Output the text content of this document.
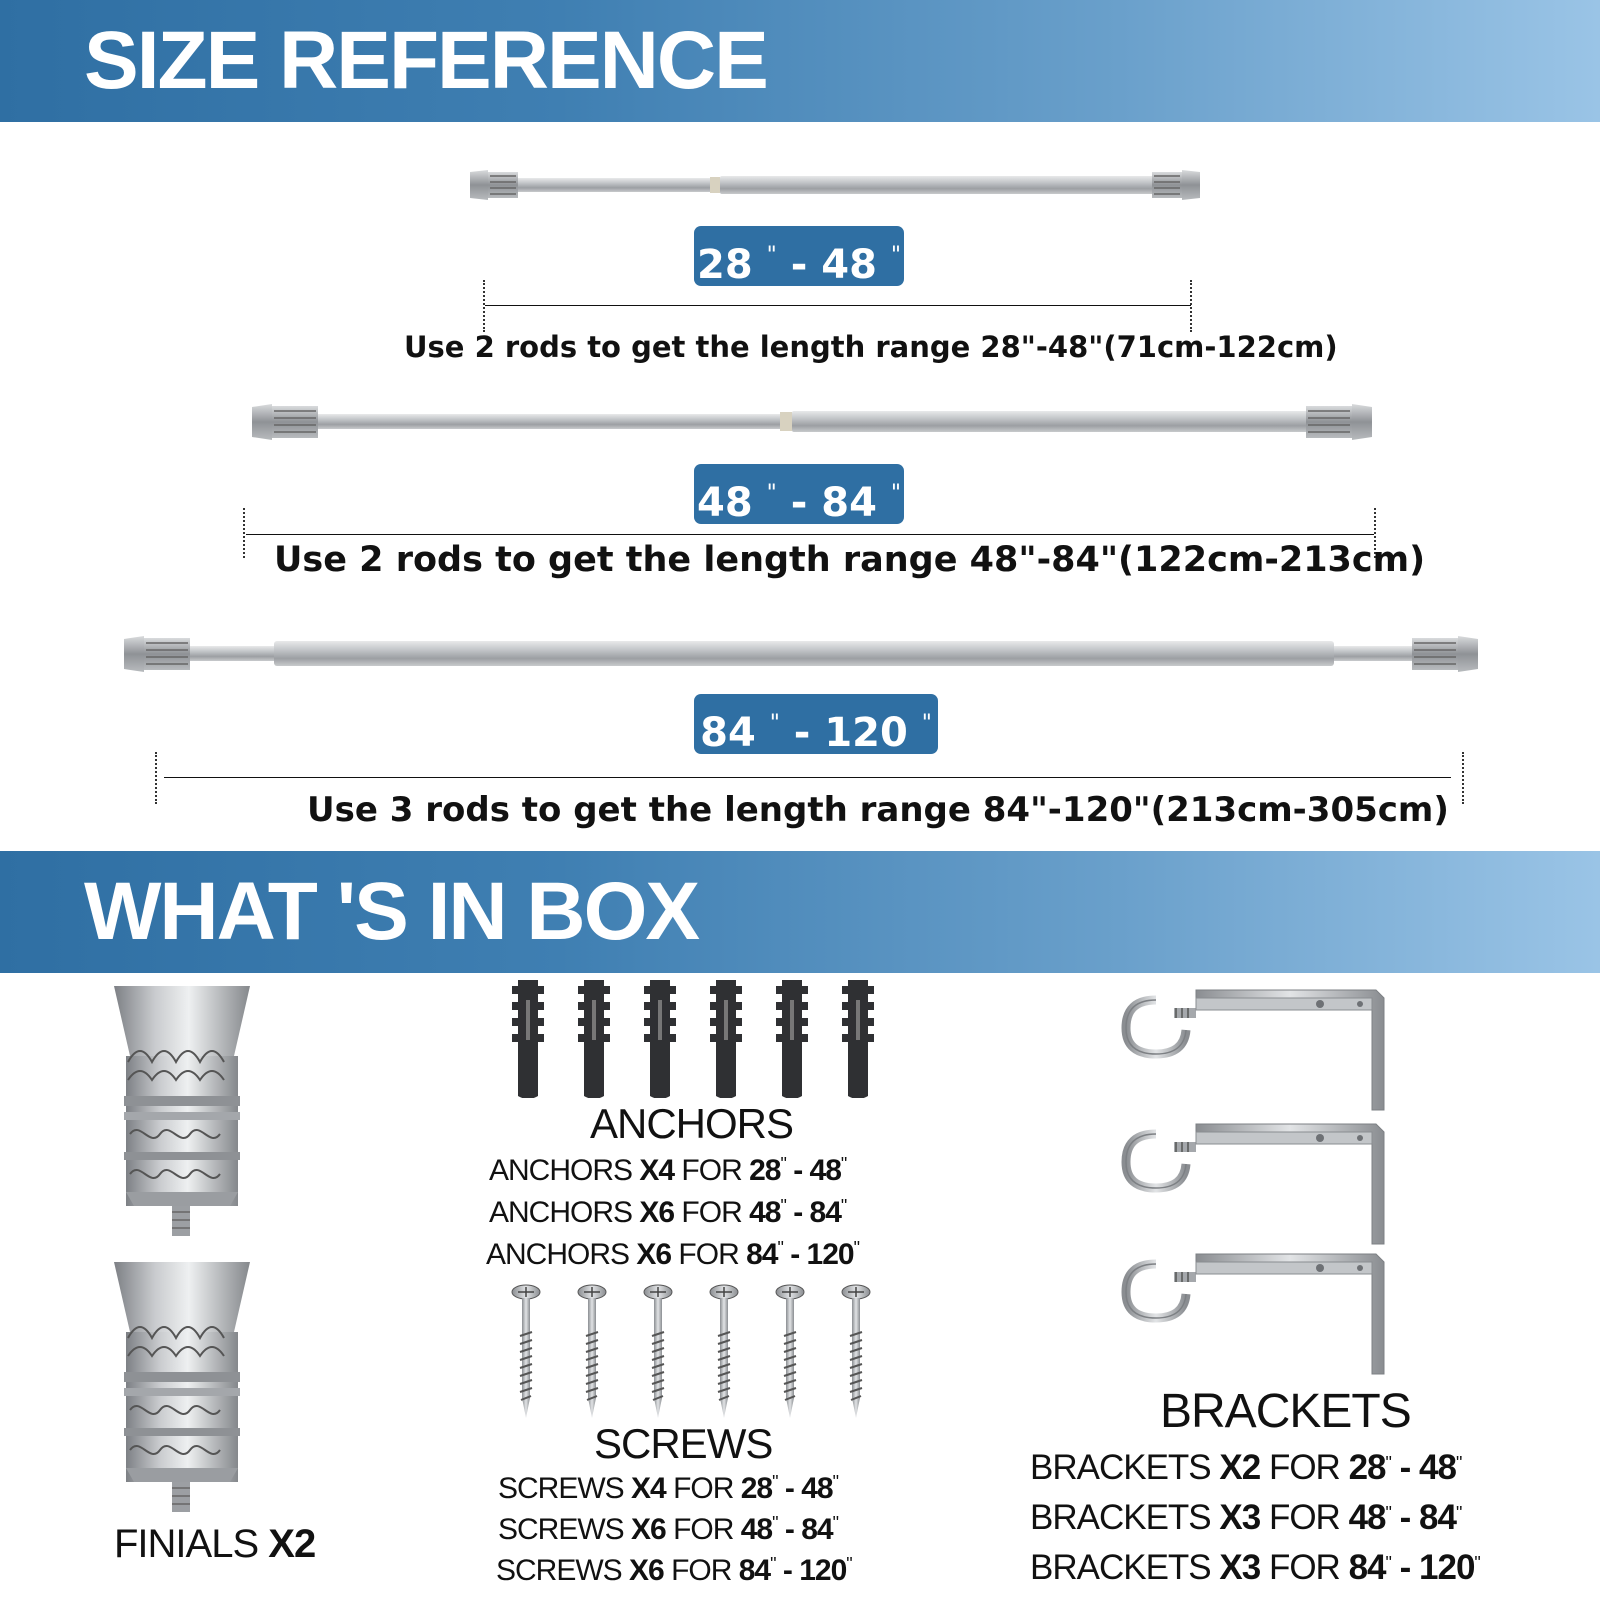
SIZE REFERENCE
28 " - 48 "
Use 2 rods to get the length range 28"-48"(71cm-122cm)
48 " - 84 "
Use 2 rods to get the length range 48"-84"(122cm-213cm)
84 " - 120 "
Use 3 rods to get the length range 84"-120"(213cm-305cm)
WHAT 'S IN BOX
FINIALS X2
ANCHORS
ANCHORS X4 FOR 28" - 48"
ANCHORS X6 FOR 48" - 84"
ANCHORS X6 FOR 84" - 120"
SCREWS
SCREWS X4 FOR 28" - 48"
SCREWS X6 FOR 48" - 84"
SCREWS X6 FOR 84" - 120"
BRACKETS
BRACKETS X2 FOR 28" - 48"
BRACKETS X3 FOR 48" - 84"
BRACKETS X3 FOR 84" - 120"
